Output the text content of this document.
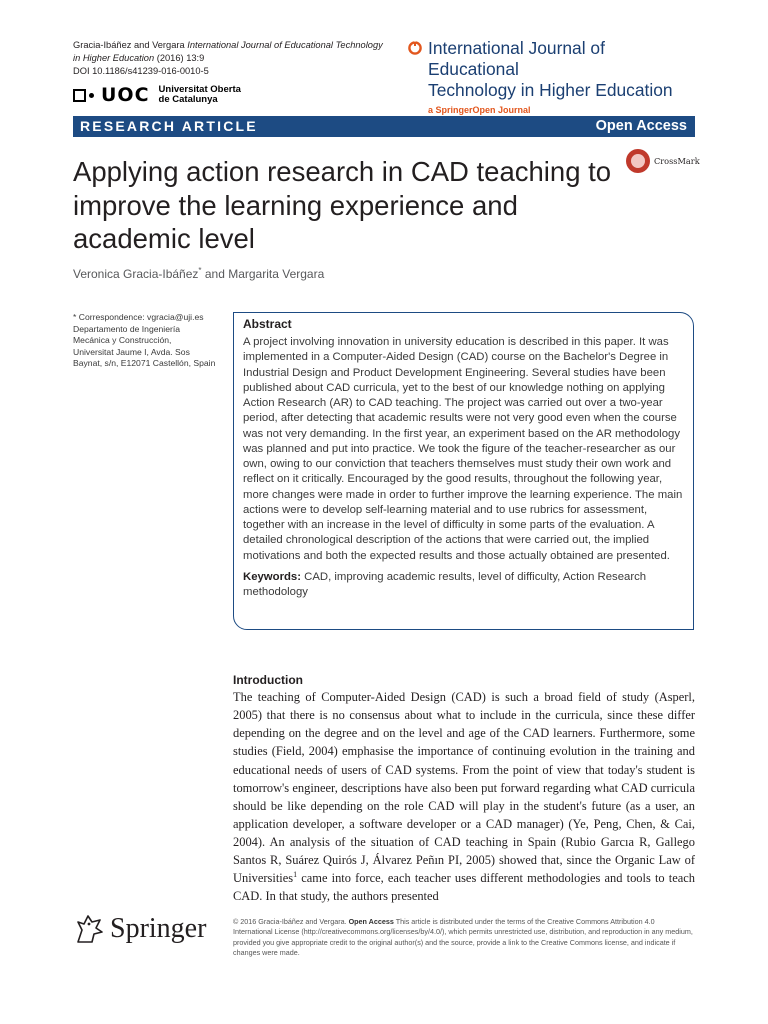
Gracia-Ibáñez and Vergara International Journal of Educational Technology
in Higher Education (2016) 13:9
DOI 10.1186/s41239-016-0010-5
UOC Universitat Oberta
de Catalunya
International Journal of Educational
Technology in Higher Education
a SpringerOpen Journal
RESEARCH ARTICLE	Open Access
Applying action research in CAD teaching to improve the learning experience and academic level
CrossMark
Veronica Gracia-Ibáñez* and Margarita Vergara
* Correspondence: vgracia@uji.es
Departamento de Ingeniería
Mecánica y Construcción,
Universitat Jaume I, Avda. Sos
Baynat, s/n, E12071 Castellón, Spain
Abstract
A project involving innovation in university education is described in this paper. It was implemented in a Computer-Aided Design (CAD) course on the Bachelor's Degree in Industrial Design and Product Development Engineering. Several studies have been published about CAD curricula, yet to the best of our knowledge nothing on applying Action Research (AR) to CAD teaching. The project was carried out over a two-year period, after detecting that academic results were not very good even when the course was not very demanding. In the first year, an experiment based on the AR methodology was planned and put into practice. We took the figure of the teacher-researcher as our own, owing to our conviction that teachers themselves must study their own work and reflect on it critically. Encouraged by the good results, throughout the following year, more changes were made in order to further improve the learning experience. The main actions were to develop self-learning material and to use rubrics for assessment, together with an increase in the level of difficulty in some parts of the evaluation. A detailed chronological description of the actions that were carried out, the implied motivations and both the expected results and those actually obtained are presented.
Keywords: CAD, improving academic results, level of difficulty, Action Research methodology
Introduction
The teaching of Computer-Aided Design (CAD) is such a broad field of study (Asperl, 2005) that there is no consensus about what to include in the curricula, since these differ depending on the degree and on the level and age of the CAD learners. Furthermore, some studies (Field, 2004) emphasise the importance of continuing evolution in the training and educational needs of users of CAD systems. From the point of view that today's student is tomorrow's engineer, descriptions have also been put forward regarding what CAD curricula should be like depending on the role CAD will play in the student's future (as a user, an application developer, a software developer or a CAD manager) (Ye, Peng, Chen, & Cai, 2004). An analysis of the situation of CAD teaching in Spain (Rubio Garcıa R, Gallego Santos R, Suárez Quirós J, Álvarez Peñın PI, 2005) showed that, since the Organic Law of Universities$^1$ came into force, each teacher uses different methodologies and tools to teach CAD. In that study, the authors presented
Springer	© 2016 Gracia-Ibáñez and Vergara. Open Access This article is distributed under the terms of the Creative Commons Attribution 4.0 International License (http://creativecommons.org/licenses/by/4.0/), which permits unrestricted use, distribution, and reproduction in any medium, provided you give appropriate credit to the original author(s) and the source, provide a link to the Creative Commons license, and indicate if changes were made.
